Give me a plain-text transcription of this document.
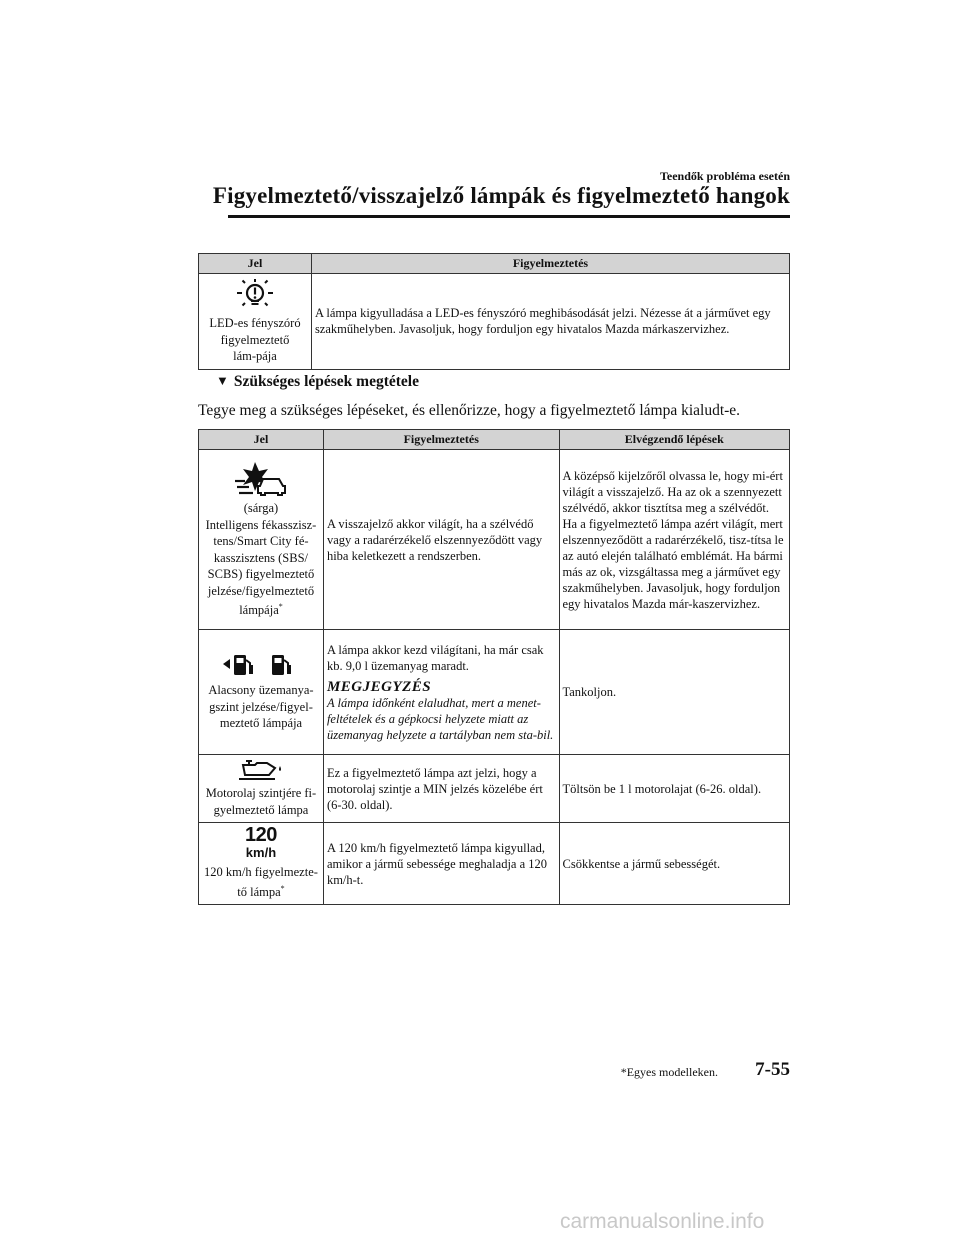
Teendők probléma esetén
Figyelmeztető/visszajelző lámpák és figyelmeztető hangok
Jel	Figyelmeztetés

LED-es fényszóró figyelmeztető lám-pája	A lámpa kigyulladása a LED-es fényszóró meghibásodását jelzi. Nézesse át a járművet egy szakműhelyben. Javasoljuk, hogy forduljon egy hivatalos Mazda márkaszervizhez.
▼ Szükséges lépések megtétele
Tegye meg a szükséges lépéseket, és ellenőrizze, hogy a figyelmeztető lámpa kialudt-e.
Jel	Figyelmeztetés	Elvégzendő lépések

(sárga)
Intelligens fékasszisz-tens/Smart City fé-kasszisztens (SBS/ SCBS) figyelmeztető jelzése/figyelmeztető lámpája*	A visszajelző akkor világít, ha a szélvédő vagy a radarérzékelő elszennyeződött vagy hiba keletkezett a rendszerben.	A középső kijelzőről olvassa le, hogy mi-ért világít a visszajelző. Ha az ok a szennyezett szélvédő, akkor tisztítsa meg a szélvédőt. Ha a figyelmeztető lámpa azért világít, mert elszennyeződött a radarérzékelő, tisz-títsa le az autó elején található emblémát. Ha bármi más az ok, vizsgáltassa meg a járművet egy szakműhelyben. Javasoljuk, hogy forduljon egy hivatalos Mazda már-kaszervizhez.

Alacsony üzemanya-gszint jelzése/figyel-meztető lámpája	A lámpa akkor kezd világítani, ha már csak kb. 9,0 l üzemanyag maradt.
MEGJEGYZÉS
A lámpa időnként elaludhat, mert a menet-feltételek és a gépkocsi helyzete miatt az üzemanyag helyzete a tartályban nem sta-bil.	Tankoljon.

Motorolaj szintjére fi-gyelmeztető lámpa	Ez a figyelmeztető lámpa azt jelzi, hogy a motorolaj szintje a MIN jelzés közelébe ért (6-30. oldal).	Töltsön be 1 l motorolajat (6-26. oldal).

120
km/h
120 km/h figyelmezte-tő lámpa*	A 120 km/h figyelmeztető lámpa kigyullad, amikor a jármű sebessége meghaladja a 120 km/h-t.	Csökkentse a jármű sebességét.
*Egyes modelleken.	7-55
carmanualsonline.info
